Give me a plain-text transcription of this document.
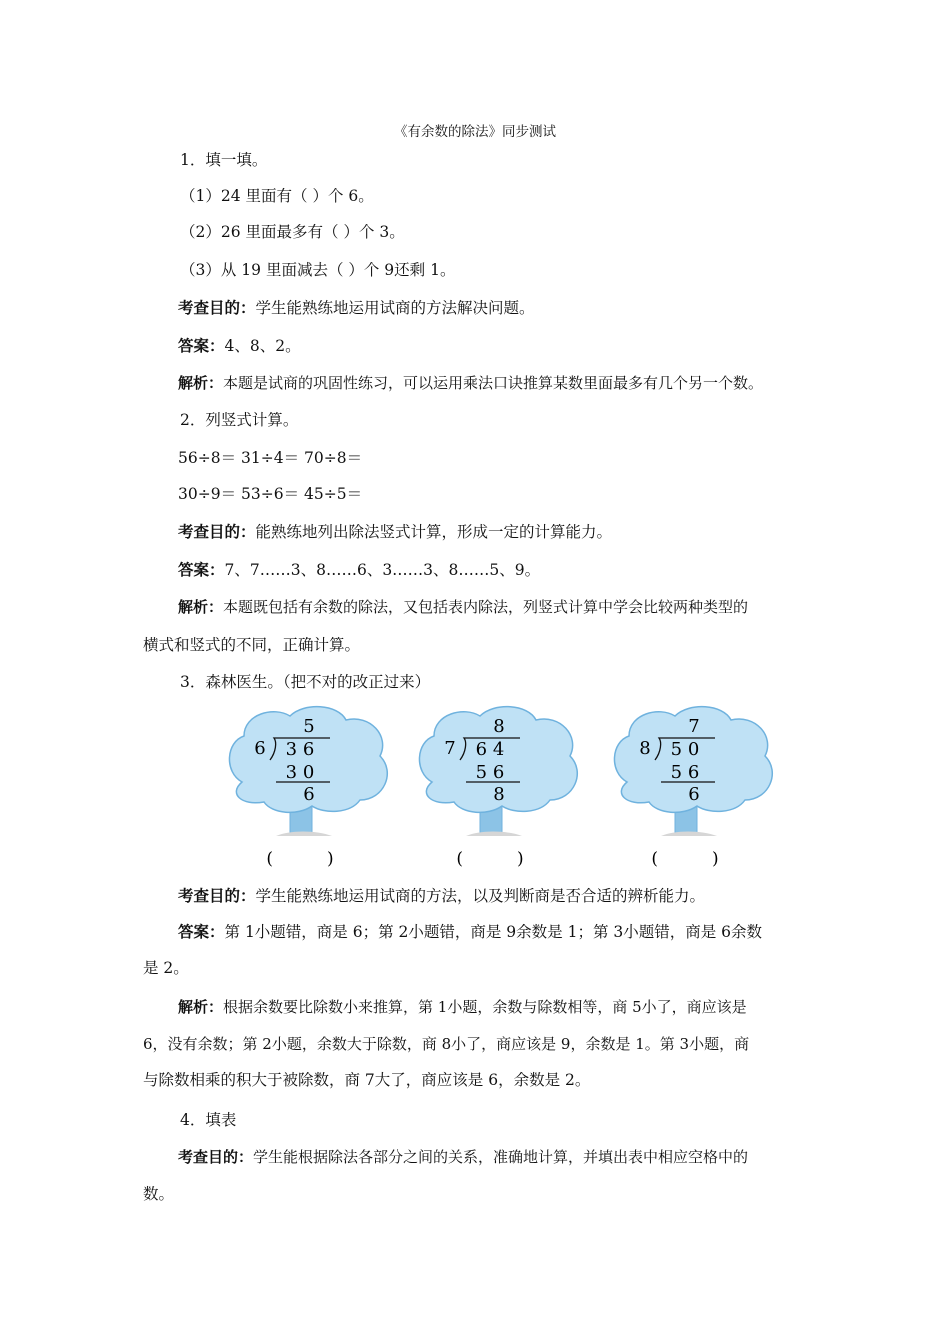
《有余数的除法》同步测试
1．填一填。
（1）24 里面有（ ）个 6。
（2）26 里面最多有（ ）个 3。
（3）从 19 里面减去（ ）个 9还剩 1。
考查目的：学生能熟练地运用试商的方法解决问题。
答案：4、8、2。
解析：本题是试商的巩固性练习，可以运用乘法口诀推算某数里面最多有几个另一个数。
2．列竖式计算。
56÷8＝ 31÷4＝ 70÷8＝
30÷9＝ 53÷6＝ 45÷5＝
考查目的：能熟练地列出除法竖式计算，形成一定的计算能力。
答案：7、7……3、8……6、3……3、8……5、9。
解析：本题既包括有余数的除法，又包括表内除法，列竖式计算中学会比较两种类型的
横式和竖式的不同，正确计算。
3．森林医生。（把不对的改正过来）
5
6 3 6
3 0
6
(          )
8
7 6 4
5 6
8
(          )
7
8 5 0
5 6
6
(          )
考查目的：学生能熟练地运用试商的方法，以及判断商是否合适的辨析能力。
答案：第 1小题错，商是 6；第 2小题错，商是 9余数是 1；第 3小题错，商是 6余数
是 2。
解析：根据余数要比除数小来推算，第 1小题，余数与除数相等，商 5小了，商应该是
6，没有余数；第 2小题，余数大于除数，商 8小了，商应该是 9，余数是 1。第 3小题，商
与除数相乘的积大于被除数，商 7大了，商应该是 6，余数是 2。
4．填表
考查目的：学生能根据除法各部分之间的关系，准确地计算，并填出表中相应空格中的
数。
